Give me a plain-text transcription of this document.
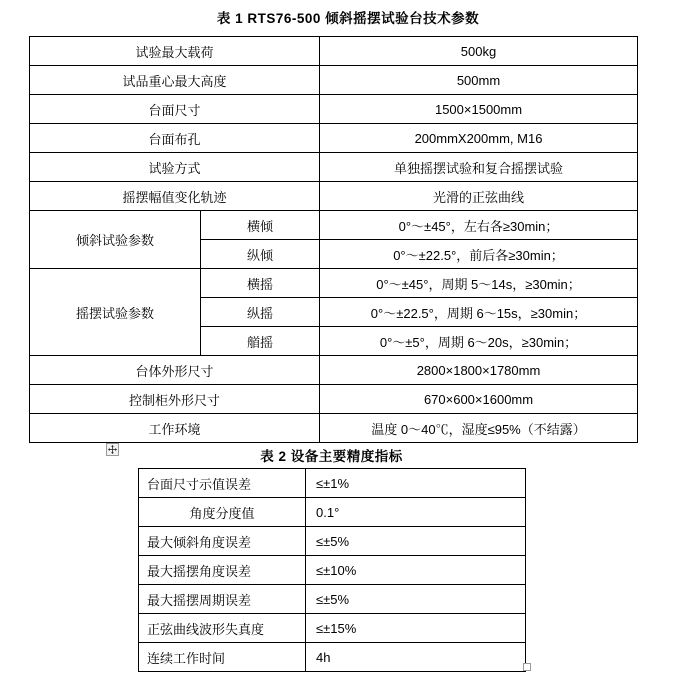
表 1 RTS76-500 倾斜摇摆试验台技术参数
试验最大载荷		500kg
试品重心最大高度		500mm
台面尺寸		1500×1500mm
台面布孔		200mmX200mm, M16
试验方式		单独摇摆试验和复合摇摆试验
摇摆幅值变化轨迹		光滑的正弦曲线
倾斜试验参数	横倾	0°～±45°，左右各≥30min；
	纵倾	0°～±22.5°，前后各≥30min；
摇摆试验参数	横摇	0°～±45°，周期 5～14s，≥30min；
	纵摇	0°～±22.5°，周期 6～15s，≥30min；
	艏摇	0°～±5°，周期 6～20s，≥30min；
台体外形尺寸		2800×1800×1780mm
控制柜外形尺寸		670×600×1600mm
工作环境		温度 0～40℃，湿度≤95%（不结露）
表 2 设备主要精度指标
台面尺寸示值误差	≤±1%
角度分度值	0.1°
最大倾斜角度误差	≤±5%
最大摇摆角度误差	≤±10%
最大摇摆周期误差	≤±5%
正弦曲线波形失真度	≤±15%
连续工作时间	4h
